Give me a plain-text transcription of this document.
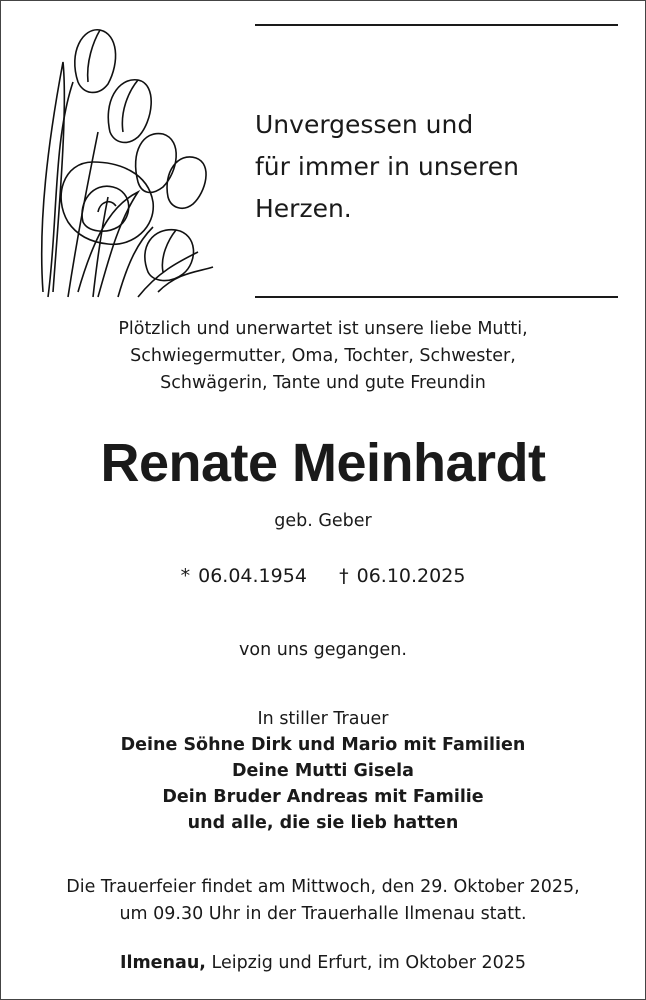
Unvergessen und
für immer in unseren
Herzen.
Plötzlich und unerwartet ist unsere liebe Mutti,
Schwiegermutter, Oma, Tochter, Schwester,
Schwägerin, Tante und gute Freundin
Renate Meinhardt
geb. Geber
* 06.04.1954 † 06.10.2025
von uns gegangen.
In stiller Trauer
Deine Söhne Dirk und Mario mit Familien
Deine Mutti Gisela
Dein Bruder Andreas mit Familie
und alle, die sie lieb hatten
Die Trauerfeier findet am Mittwoch, den 29. Oktober 2025,
um 09.30 Uhr in der Trauerhalle Ilmenau statt.
Ilmenau, Leipzig und Erfurt, im Oktober 2025
